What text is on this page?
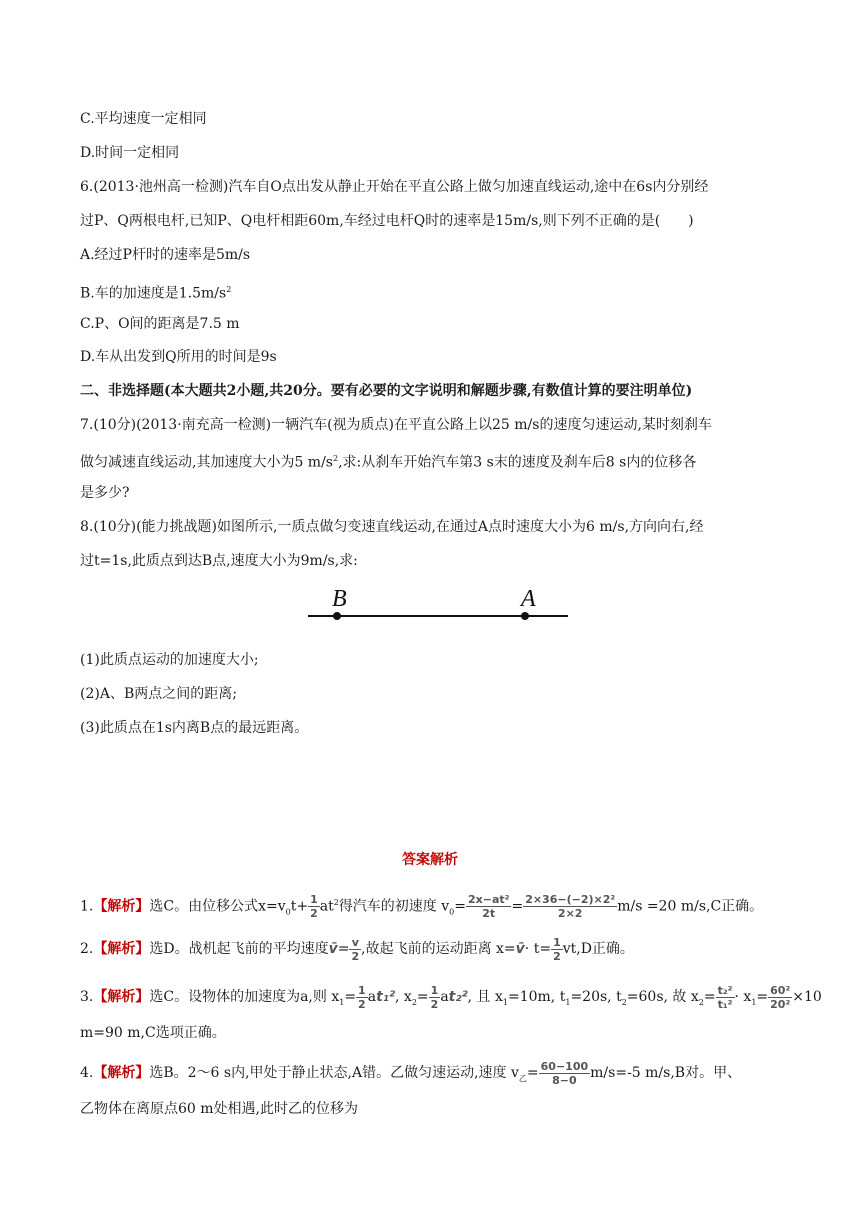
C.平均速度一定相同
D.时间一定相同
6.(2013·池州高一检测)汽车自O点出发从静止开始在平直公路上做匀加速直线运动,途中在6s内分别经
过P、Q两根电杆,已知P、Q电杆相距60m,车经过电杆Q时的速率是15m/s,则下列不正确的是(　　)
A.经过P杆时的速率是5m/s
B.车的加速度是$1.5m/s^2$
C.P、O间的距离是7.5 m
D.车从出发到Q所用的时间是9s
二、非选择题(本大题共2小题,共20分。要有必要的文字说明和解题步骤,有数值计算的要注明单位)
7.(10分)(2013·南充高一检测)一辆汽车(视为质点)在平直公路上以25 m/s的速度匀速运动,某时刻刹车
做匀减速直线运动,其加速度大小为5 $m/s^2$,求:从刹车开始汽车第3 s末的速度及刹车后8 s内的位移各
是多少?
8.(10分)(能力挑战题)如图所示,一质点做匀变速直线运动,在通过A点时速度大小为6 m/s,方向向右,经
过t=1s,此质点到达B点,速度大小为9m/s,求:
B	A
(1)此质点运动的加速度大小;
(2)A、B两点之间的距离;
(3)此质点在1s内离B点的最远距离。
答案解析
1.【解析】选C。由位移公式$x=v_0t+ \frac{1}{2} at^2$得汽车的初速度 $v_0= \frac{\text{2x−at²}}{2t} = \frac{\text{2×36−(−2)×2²}}{2\times 2} m/s =20$ m/s,C正确。
2.【解析】选D。战机起飞前的平均速度v̄= $\frac{v}{2}$ ,故起飞前的运动距离 x=v̄· $t= \frac{1}{2} vt,D$正确。
3.【解析】选C。设物体的加速度为a,则 $x_1= \frac{1}{2} at_1^2$, $x_2= \frac{1}{2} at_2^2$, 且 $x_1=10m$, $t_1=20s$, $t_2=60s$, 故 $x_2= \frac{\text{t₂²}}{\text{t₁²}} \cdot x_1= \frac{\text{60²}}{\text{20²}} \times 10$
m=90 m,C选项正确。
4.【解析】选B。2～6 s内,甲处于静止状态,A错。乙做匀速运动,速度 $v_乙= \frac{60-100}{8-0} m/s=-5$ m/s,B对。甲、
乙物体在离原点60 m处相遇,此时乙的位移为
